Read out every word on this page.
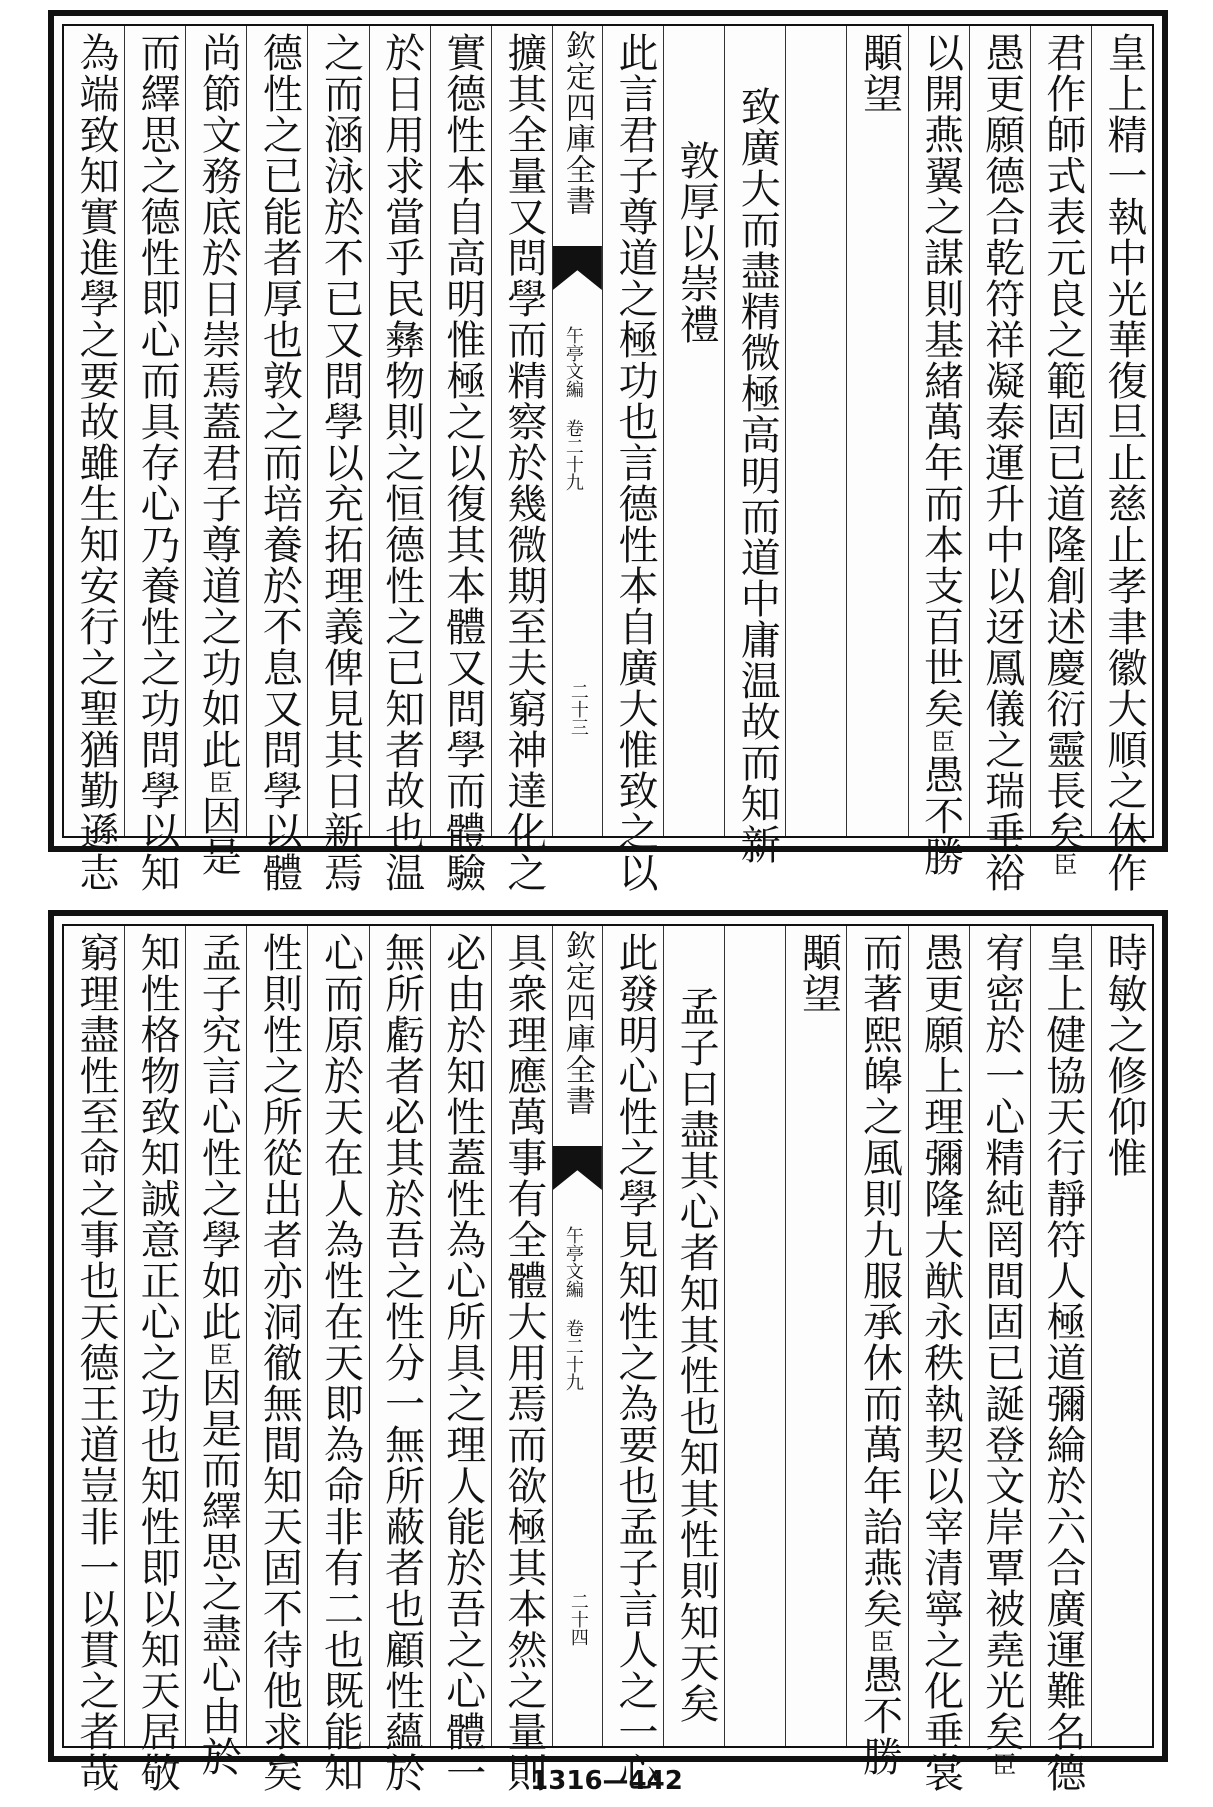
皇上精一執中光華復旦止慈止孝聿徽大順之休作
君作師式表元良之範固已道隆創述慶衍靈長矣臣
愚更願德合乾符祥凝泰運升中以迓鳳儀之瑞垂裕
以開燕翼之謀則基緒萬年而本支百世矣臣愚不勝
顒望
致廣大而盡精微極高明而道中庸温故而知新
敦厚以崇禮
此言君子尊道之極功也言德性本自廣大惟致之以
欽定四庫全書
午亭文編 卷二十九
二十三
擴其全量又問學而精察於幾微期至夫窮神達化之
實德性本自高明惟極之以復其本體又問學而體驗
於日用求當乎民彝物則之恒德性之已知者故也温
之而涵泳於不已又問學以充拓理義俾見其日新焉
德性之已能者厚也敦之而培養於不息又問學以體
尚節文務底於日崇焉蓋君子尊道之功如此臣因是
而繹思之德性即心而具存心乃養性之功問學以知
為端致知實進學之要故雖生知安行之聖猶勤遜志
時敏之修仰惟
皇上健協天行靜符人極道彌綸於六合廣運難名德
宥密於一心精純罔間固已誕登文岸覃被堯光矣臣
愚更願上理彌隆大猷永秩執契以宰清寧之化垂裳
而著熙皞之風則九服承休而萬年詒燕矣臣愚不勝
顒望
孟子曰盡其心者知其性也知其性則知天矣
此發明心性之學見知性之為要也孟子言人之一心
欽定四庫全書
午亭文編 卷二十九
二十四
具衆理應萬事有全體大用焉而欲極其本然之量則
必由於知性蓋性為心所具之理人能於吾之心體一
無所虧者必其於吾之性分一無所蔽者也顧性蘊於
心而原於天在人為性在天即為命非有二也既能知
性則性之所從出者亦洞徹無間知天固不待他求矣
孟子究言心性之學如此臣因是而繹思之盡心由於
知性格物致知誠意正心之功也知性即以知天居敬
窮理盡性至命之事也天德王道豈非一以貫之者哉	1316—442
